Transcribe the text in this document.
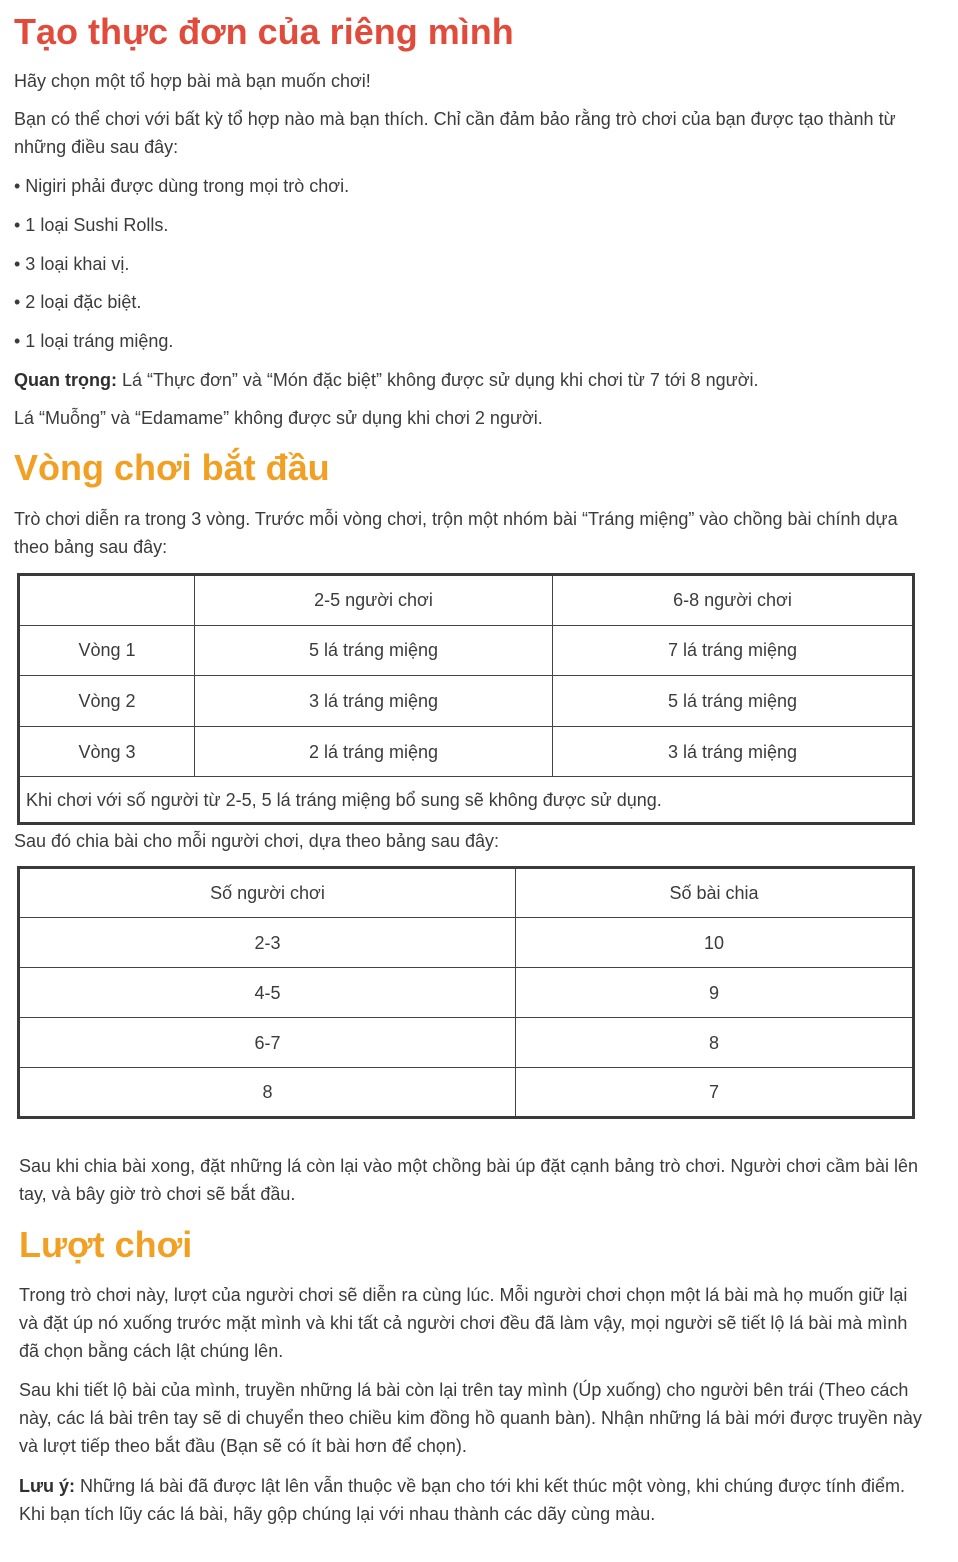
Tạo thực đơn của riêng mình

Hãy chọn một tổ hợp bài mà bạn muốn chơi!

Bạn có thể chơi với bất kỳ tổ hợp nào mà bạn thích. Chỉ cần đảm bảo rằng trò chơi của bạn được tạo thành từ những điều sau đây:

• Nigiri phải được dùng trong mọi trò chơi.

• 1 loại Sushi Rolls.

• 3 loại khai vị.

• 2 loại đặc biệt.

• 1 loại tráng miệng.

Quan trọng: Lá “Thực đơn” và “Món đặc biệt” không được sử dụng khi chơi từ 7 tới 8 người.

Lá “Muỗng” và “Edamame” không được sử dụng khi chơi 2 người.

Vòng chơi bắt đầu

Trò chơi diễn ra trong 3 vòng. Trước mỗi vòng chơi, trộn một nhóm bài “Tráng miệng” vào chồng bài chính dựa theo bảng sau đây:

	2-5 người chơi	6-8 người chơi
Vòng 1	5 lá tráng miệng	7 lá tráng miệng
Vòng 2	3 lá tráng miệng	5 lá tráng miệng
Vòng 3	2 lá tráng miệng	3 lá tráng miệng
Khi chơi với số người từ 2-5, 5 lá tráng miệng bổ sung sẽ không được sử dụng.		

Sau đó chia bài cho mỗi người chơi, dựa theo bảng sau đây:

Số người chơi	Số bài chia
2-3	10
4-5	9
6-7	8
8	7

Sau khi chia bài xong, đặt những lá còn lại vào một chồng bài úp đặt cạnh bảng trò chơi. Người chơi cầm bài lên tay, và bây giờ trò chơi sẽ bắt đầu.

Lượt chơi

Trong trò chơi này, lượt của người chơi sẽ diễn ra cùng lúc. Mỗi người chơi chọn một lá bài mà họ muốn giữ lại và đặt úp nó xuống trước mặt mình và khi tất cả người chơi đều đã làm vậy, mọi người sẽ tiết lộ lá bài mà mình đã chọn bằng cách lật chúng lên.

Sau khi tiết lộ bài của mình, truyền những lá bài còn lại trên tay mình (Úp xuống) cho người bên trái (Theo cách này, các lá bài trên tay sẽ di chuyển theo chiều kim đồng hồ quanh bàn). Nhận những lá bài mới được truyền này và lượt tiếp theo bắt đầu (Bạn sẽ có ít bài hơn để chọn).

Lưu ý: Những lá bài đã được lật lên vẫn thuộc về bạn cho tới khi kết thúc một vòng, khi chúng được tính điểm. Khi bạn tích lũy các lá bài, hãy gộp chúng lại với nhau thành các dãy cùng màu.
